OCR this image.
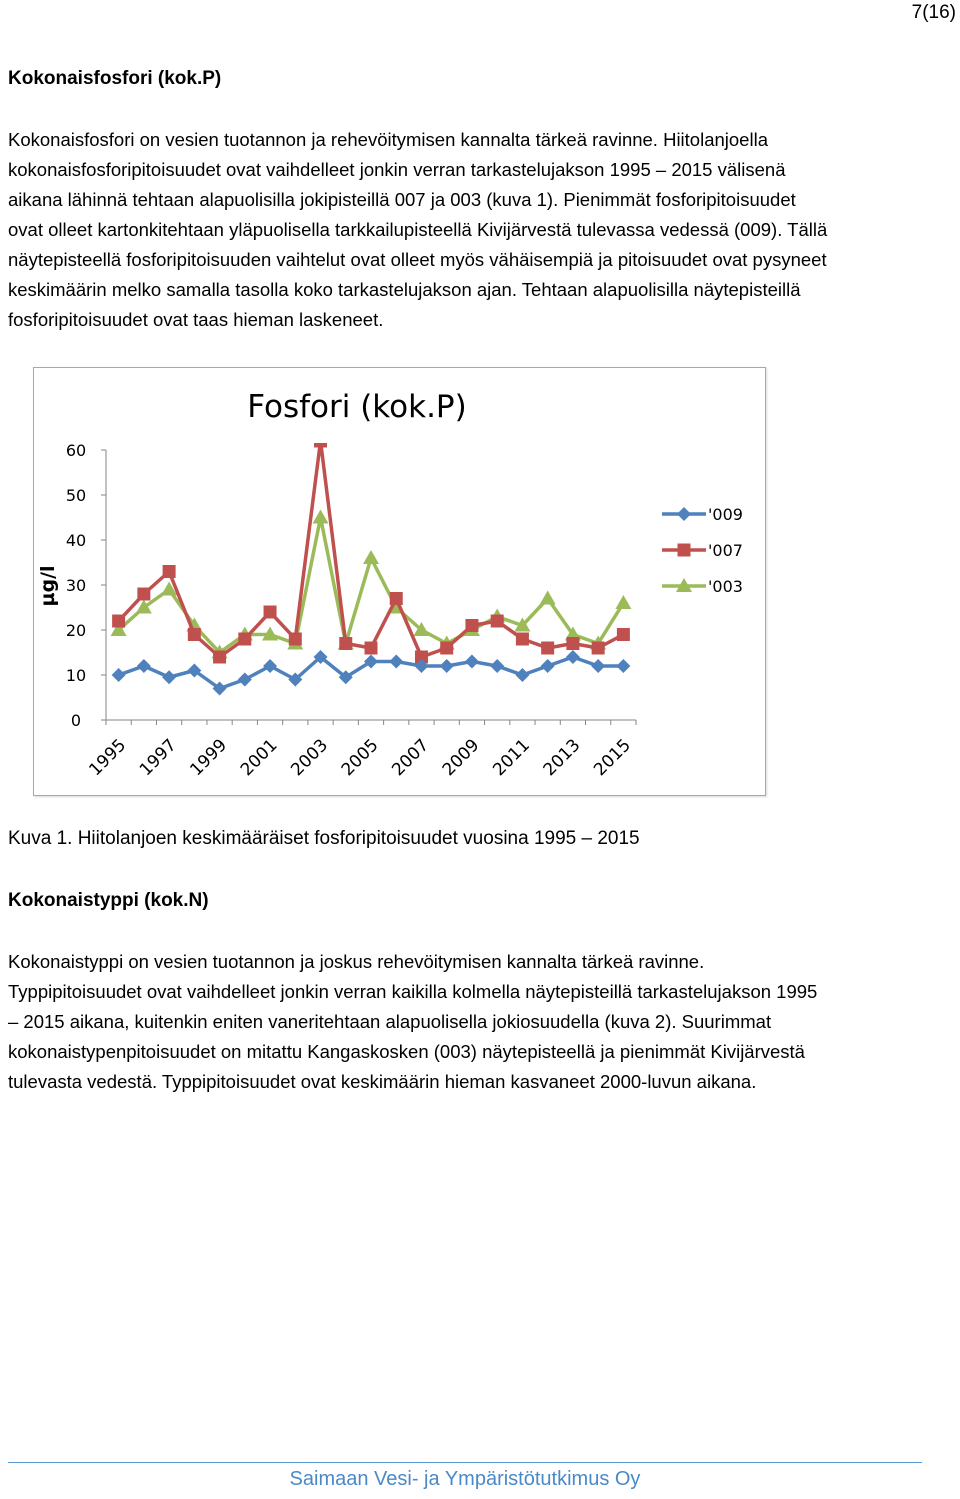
7(16)
Kokonaisfosfori (kok.P)
Kokonaisfosfori on vesien tuotannon ja rehevöitymisen kannalta tärkeä ravinne. Hiitolanjoella
kokonaisfosforipitoisuudet ovat vaihdelleet jonkin verran tarkastelujakson 1995 – 2015 välisenä
aikana lähinnä tehtaan alapuolisilla jokipisteillä 007 ja 003 (kuva 1). Pienimmät fosforipitoisuudet
ovat olleet kartonkitehtaan yläpuolisella tarkkailupisteellä Kivijärvestä tulevassa vedessä (009). Tällä
näytepisteellä fosforipitoisuuden vaihtelut ovat olleet myös vähäisempiä ja pitoisuudet ovat pysyneet
keskimäärin melko samalla tasolla koko tarkastelujakson ajan. Tehtaan alapuolisilla näytepisteillä
fosforipitoisuudet ovat taas hieman laskeneet.
Fosfori (kok.P)
µg/l
0
10
20
30
40
50
60
1995 1997 1999 2001 2003 2005 2007 2009 2011 2013 2015
'009
'007
'003
Kuva 1. Hiitolanjoen keskimääräiset fosforipitoisuudet vuosina 1995 – 2015
Kokonaistyppi (kok.N)
Kokonaistyppi on vesien tuotannon ja joskus rehevöitymisen kannalta tärkeä ravinne.
Typpipitoisuudet ovat vaihdelleet jonkin verran kaikilla kolmella näytepisteillä tarkastelujakson 1995
– 2015 aikana, kuitenkin eniten vaneritehtaan alapuolisella jokiosuudella (kuva 2). Suurimmat
kokonaistypenpitoisuudet on mitattu Kangaskosken (003) näytepisteellä ja pienimmät Kivijärvestä
tulevasta vedestä. Typpipitoisuudet ovat keskimäärin hieman kasvaneet 2000-luvun aikana.
Saimaan Vesi- ja Ympäristötutkimus Oy
